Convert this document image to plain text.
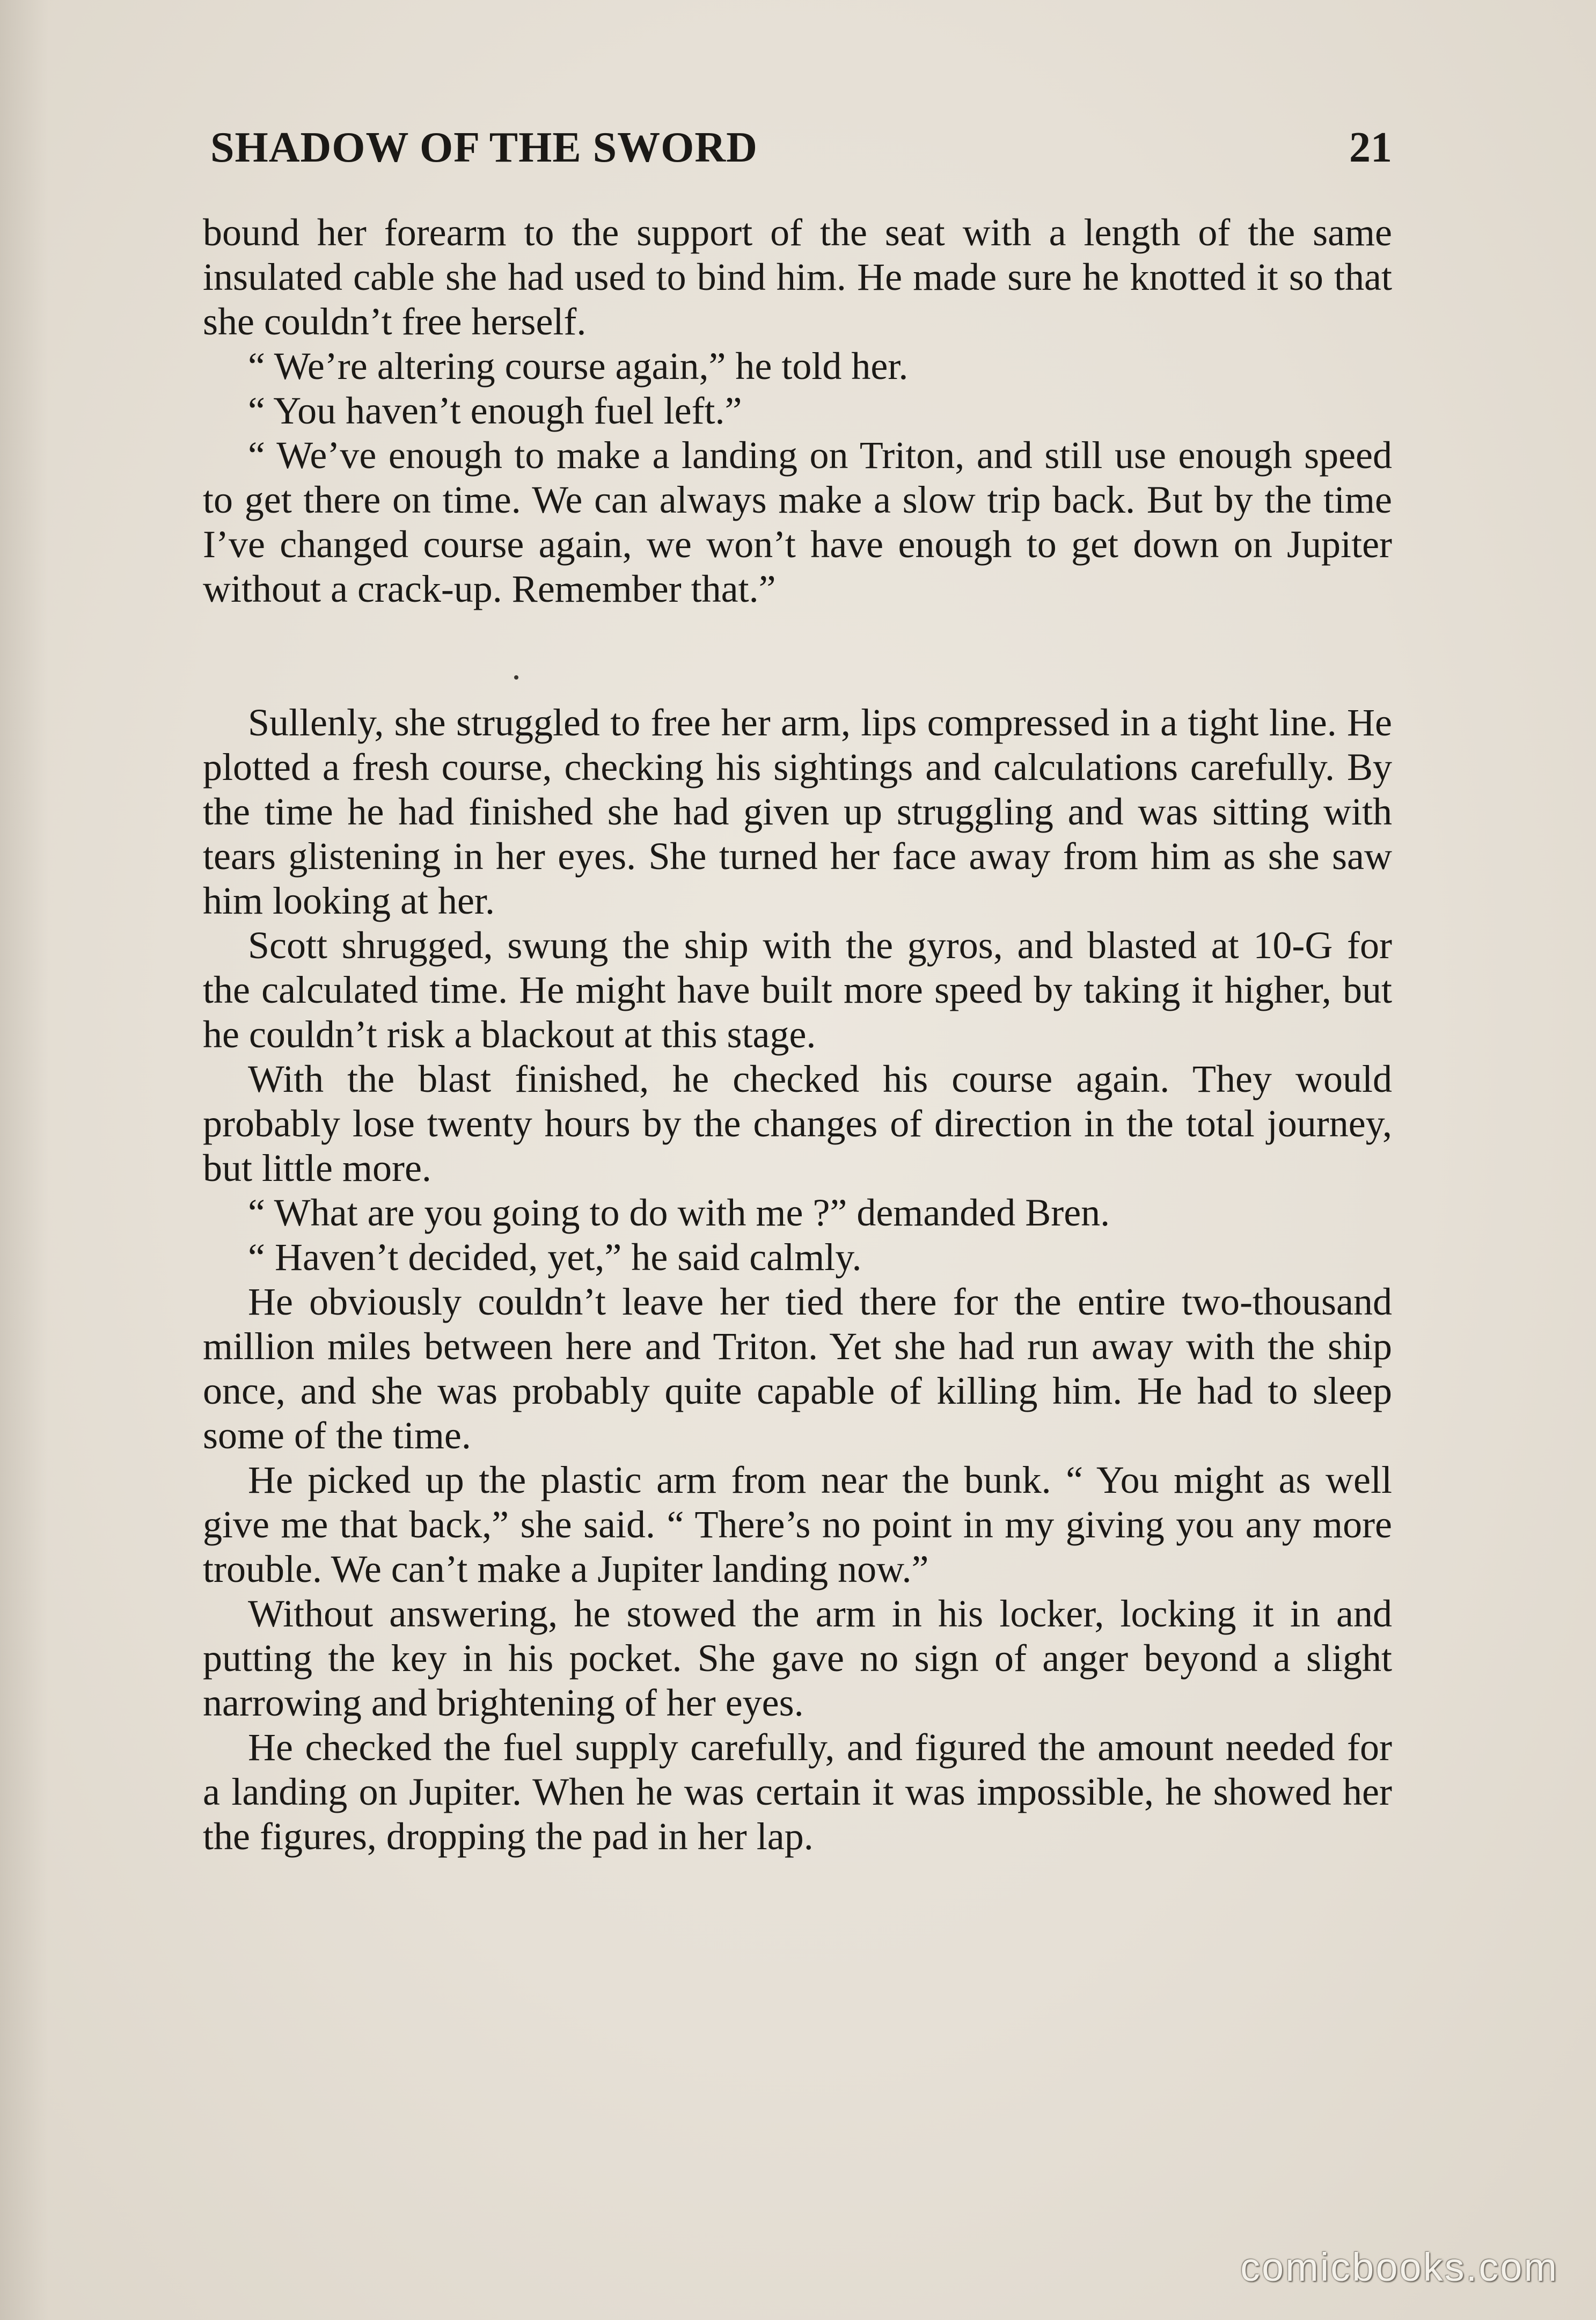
SHADOW OF THE SWORD	21

bound her forearm to the support of the seat with a length of the same insulated cable she had used to bind him. He made sure he knotted it so that she couldn’t free herself.

“ We’re altering course again,” he told her.

“ You haven’t enough fuel left.”

“ We’ve enough to make a landing on Triton, and still use enough speed to get there on time. We can always make a slow trip back. But by the time I’ve changed course again, we won’t have enough to get down on Jupiter without a crack-up. Remember that.”

Sullenly, she struggled to free her arm, lips compressed in a tight line. He plotted a fresh course, checking his sightings and calculations carefully. By the time he had finished she had given up struggling and was sitting with tears glistening in her eyes. She turned her face away from him as she saw him looking at her.

Scott shrugged, swung the ship with the gyros, and blasted at 10-G for the calculated time. He might have built more speed by taking it higher, but he couldn’t risk a blackout at this stage.

With the blast finished, he checked his course again. They would probably lose twenty hours by the changes of direction in the total journey, but little more.

“ What are you going to do with me ?” demanded Bren.

“ Haven’t decided, yet,” he said calmly.

He obviously couldn’t leave her tied there for the entire two-thousand million miles between here and Triton. Yet she had run away with the ship once, and she was probably quite capable of killing him. He had to sleep some of the time.

He picked up the plastic arm from near the bunk. “ You might as well give me that back,” she said. “ There’s no point in my giving you any more trouble. We can’t make a Jupiter landing now.”

Without answering, he stowed the arm in his locker, locking it in and putting the key in his pocket. She gave no sign of anger beyond a slight narrowing and brightening of her eyes.

He checked the fuel supply carefully, and figured the amount needed for a landing on Jupiter. When he was certain it was impossible, he showed her the figures, dropping the pad in her lap.

comicbooks.com
